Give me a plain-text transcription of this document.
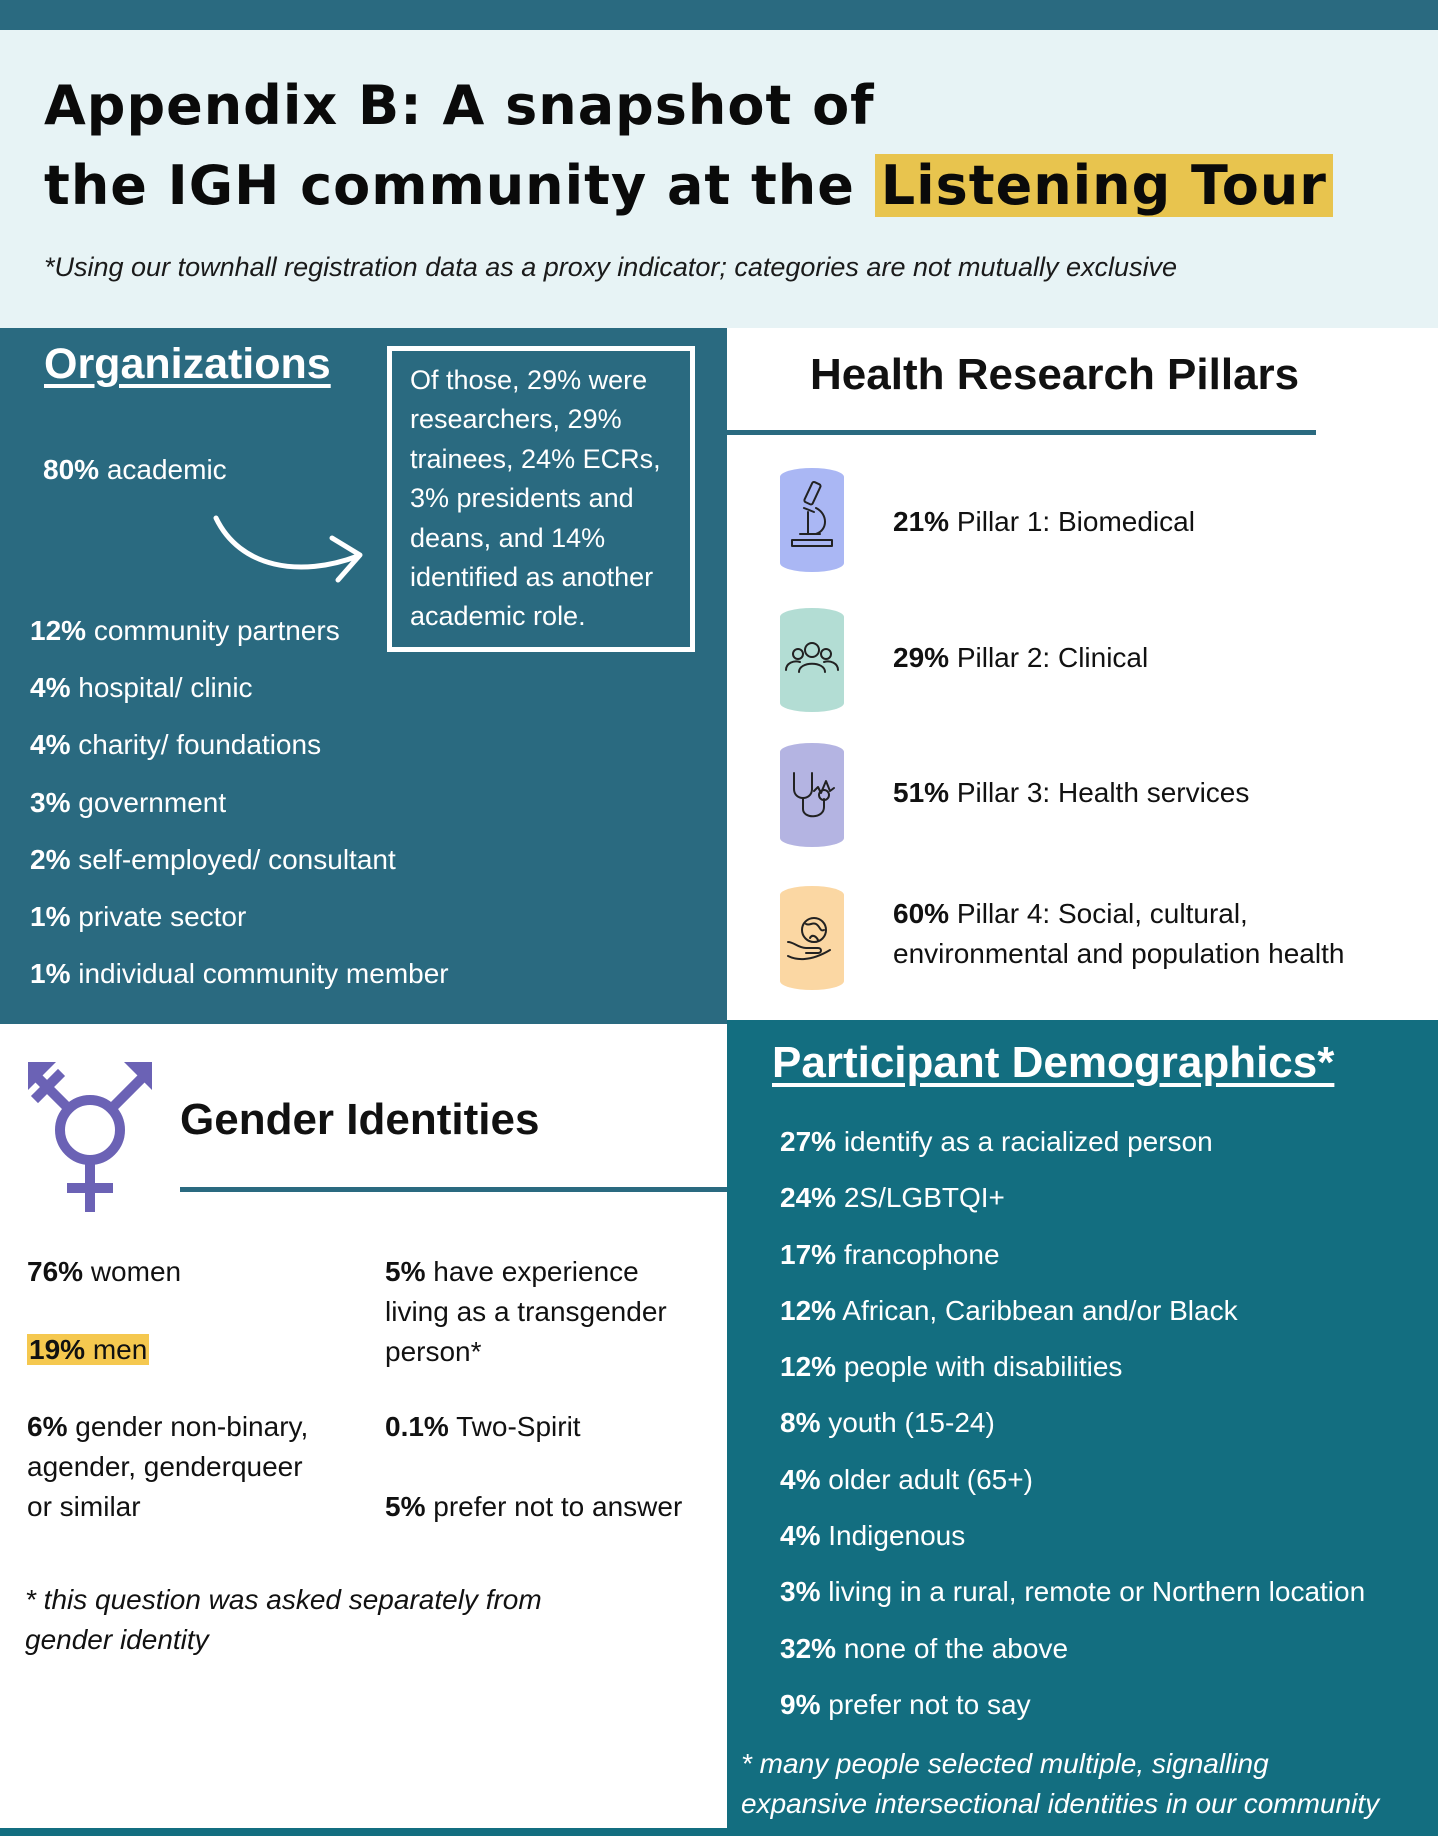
Appendix B: A snapshot of
the IGH community at the Listening Tour
*Using our townhall registration data as a proxy indicator; categories are not mutually exclusive
Organizations
80% academic
Of those, 29% were researchers, 29% trainees, 24% ECRs, 3% presidents and deans, and 14% identified as another academic role.
12% community partners
4% hospital/ clinic
4% charity/ foundations
3% government
2% self-employed/ consultant
1% private sector
1% individual community member
Health Research Pillars
21% Pillar 1: Biomedical
29% Pillar 2: Clinical
51% Pillar 3: Health services
60% Pillar 4: Social, cultural,
environmental and population health
Gender Identities
76% women
19% men
6% gender non-binary,
agender, genderqueer
or similar
5% have experience
living as a transgender
person*
0.1% Two-Spirit
5% prefer not to answer
* this question was asked separately from
gender identity
Participant Demographics*
27% identify as a racialized person
24% 2S/LGBTQI+
17% francophone
12% African, Caribbean and/or Black
12% people with disabilities
8% youth (15-24)
4% older adult (65+)
4% Indigenous
3% living in a rural, remote or Northern location
32% none of the above
9% prefer not to say
* many people selected multiple, signalling
expansive intersectional identities in our community
